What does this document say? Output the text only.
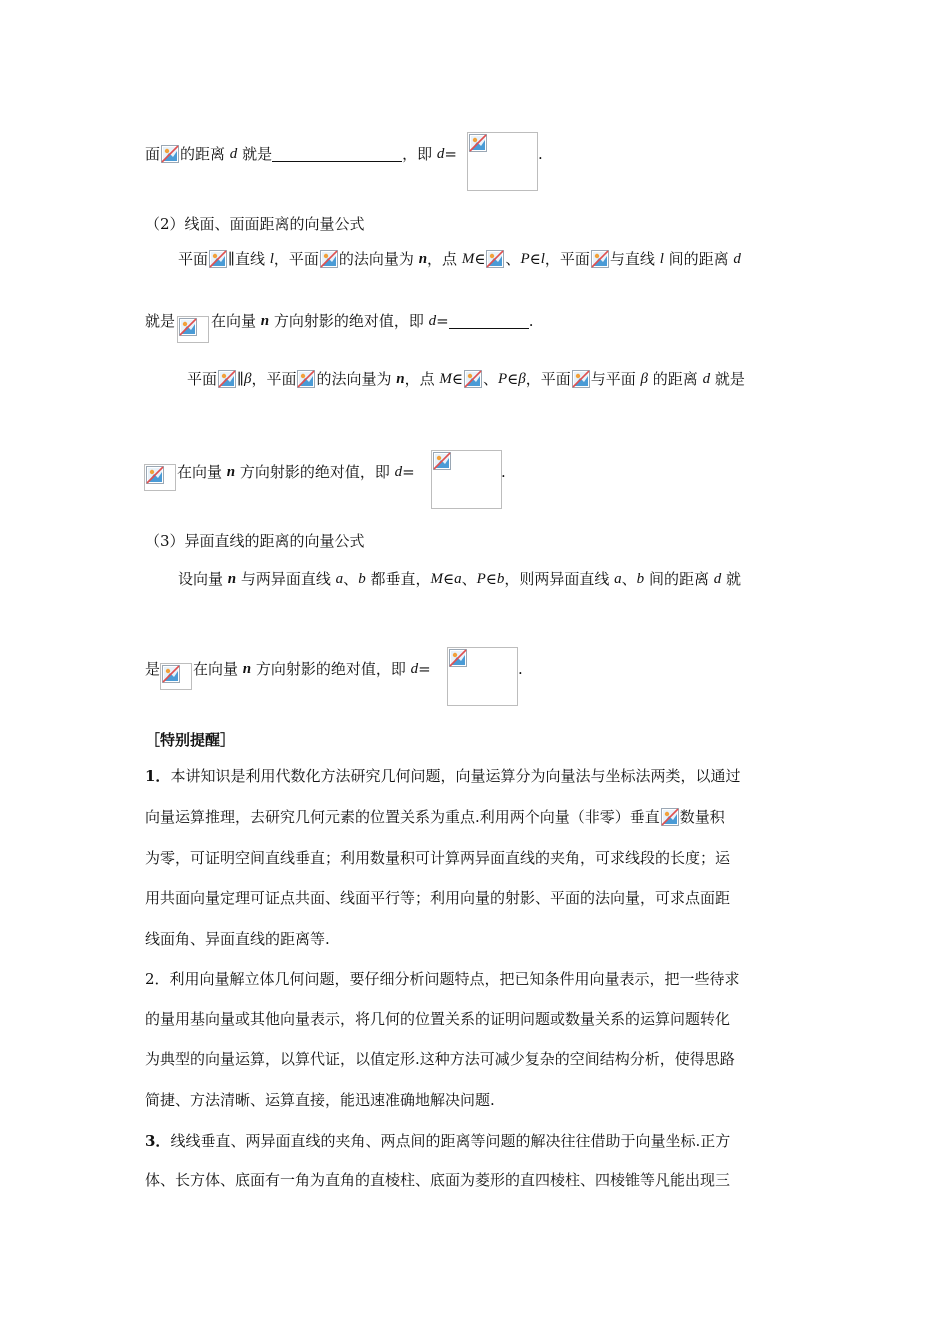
面 的距离 d 就是	，即 d=	.
（2）线面、面面距离的向量公式
平面 ∥直线 l，平面 的法向量为 n，点 M∈ 、P∈l，平面 与直线 l 间的距离 d
就是 在向量 n 方向射影的绝对值，即 d=	.
平面 ∥β，平面 的法向量为 n，点 M∈ 、P∈β，平面 与平面 β 的距离 d 就是
在向量 n 方向射影的绝对值，即 d=	.
（3）异面直线的距离的向量公式
设向量 n 与两异面直线 a、b 都垂直，M∈a、P∈b，则两异面直线 a、b 间的距离 d 就
是 在向量 n 方向射影的绝对值，即 d=	.
［特别提醒］
1．本讲知识是利用代数化方法研究几何问题，向量运算分为向量法与坐标法两类，以通过
向量运算推理，去研究几何元素的位置关系为重点.利用两个向量（非零）垂直 数量积
为零，可证明空间直线垂直；利用数量积可计算两异面直线的夹角，可求线段的长度；运
用共面向量定理可证点共面、线面平行等；利用向量的射影、平面的法向量，可求点面距
线面角、异面直线的距离等.
2．利用向量解立体几何问题，要仔细分析问题特点，把已知条件用向量表示，把一些待求
的量用基向量或其他向量表示，将几何的位置关系的证明问题或数量关系的运算问题转化
为典型的向量运算，以算代证，以值定形.这种方法可减少复杂的空间结构分析，使得思路
简捷、方法清晰、运算直接，能迅速准确地解决问题.
3．线线垂直、两异面直线的夹角、两点间的距离等问题的解决往往借助于向量坐标.正方
体、长方体、底面有一角为直角的直棱柱、底面为菱形的直四棱柱、四棱锥等凡能出现三
